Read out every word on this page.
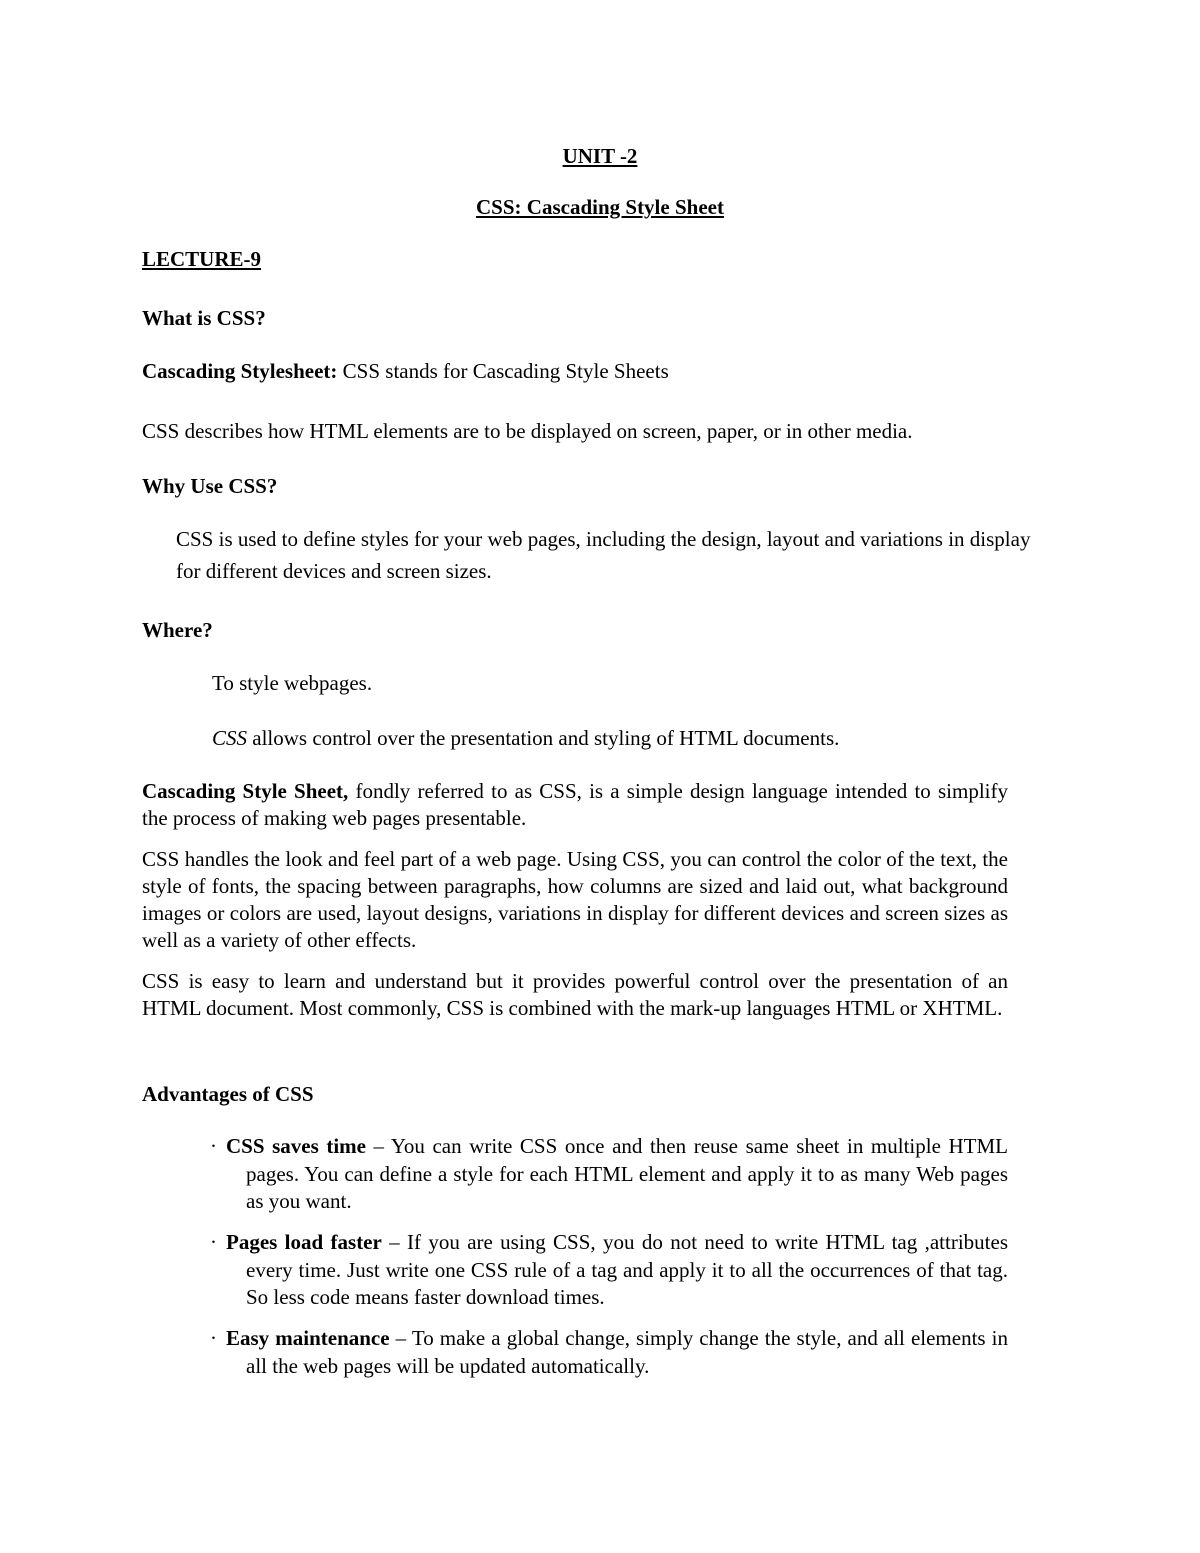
UNIT -2
CSS: Cascading Style Sheet
LECTURE-9
What is CSS?
Cascading Stylesheet: CSS stands for Cascading Style Sheets
CSS describes how HTML elements are to be displayed on screen, paper, or in other media.
Why Use CSS?
CSS is used to define styles for your web pages, including the design, layout and variations in display for different devices and screen sizes.
Where?
To style webpages.
CSS allows control over the presentation and styling of HTML documents.
Cascading Style Sheet, fondly referred to as CSS, is a simple design language intended to simplify the process of making web pages presentable.
CSS handles the look and feel part of a web page. Using CSS, you can control the color of the text, the style of fonts, the spacing between paragraphs, how columns are sized and laid out, what background images or colors are used, layout designs, variations in display for different devices and screen sizes as well as a variety of other effects.
CSS is easy to learn and understand but it provides powerful control over the presentation of an HTML document. Most commonly, CSS is combined with the mark-up languages HTML or XHTML.
Advantages of CSS
· CSS saves time – You can write CSS once and then reuse same sheet in multiple HTML pages. You can define a style for each HTML element and apply it to as many Web pages as you want.
· Pages load faster – If you are using CSS, you do not need to write HTML tag ,attributes every time. Just write one CSS rule of a tag and apply it to all the occurrences of that tag. So less code means faster download times.
· Easy maintenance – To make a global change, simply change the style, and all elements in all the web pages will be updated automatically.
